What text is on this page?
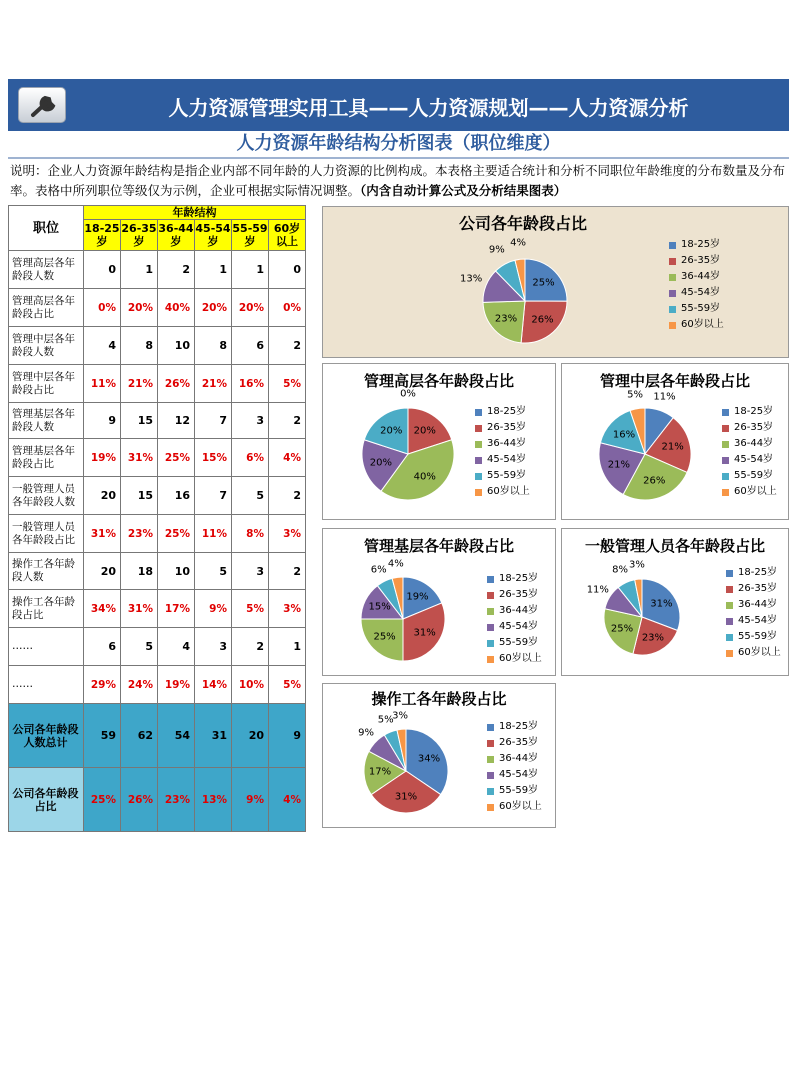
人力资源管理实用工具——人力资源规划——人力资源分析
人力资源年龄结构分析图表（职位维度）
说明：企业人力资源年龄结构是指企业内部不同年龄的人力资源的比例构成。本表格主要适合统计和分析不同职位年龄维度的分布数量及分布率。表格中所列职位等级仅为示例，企业可根据实际情况调整。（内含自动计算公式及分析结果图表）
职位	年龄结构					
	18-25岁	26-35岁	36-44岁	45-54岁	55-59岁	60岁以上
管理高层各年龄段人数	0	1	2	1	1	0
管理高层各年龄段占比	0%	20%	40%	20%	20%	0%
管理中层各年龄段人数	4	8	10	8	6	2
管理中层各年龄段占比	11%	21%	26%	21%	16%	5%
管理基层各年龄段人数	9	15	12	7	3	2
管理基层各年龄段占比	19%	31%	25%	15%	6%	4%
一般管理人员各年龄段人数	20	15	16	7	5	2
一般管理人员各年龄段占比	31%	23%	25%	11%	8%	3%
操作工各年龄段人数	20	18	10	5	3	2
操作工各年龄段占比	34%	31%	17%	9%	5%	3%
……	6	5	4	3	2	1
……	29%	24%	19%	14%	10%	5%
公司各年龄段人数总计	59	62	54	31	20	9
公司各年龄段占比	25%	26%	23%	13%	9%	4%
公司各年龄段占比
25%
26%
23%
13%
9%
4%	18-25岁
26-35岁
36-44岁
45-54岁
55-59岁
60岁以上
管理高层各年龄段占比
0%
20%
40%
20%
20%
18-25岁
26-35岁
36-44岁
45-54岁
55-59岁
60岁以上
管理中层各年龄段占比
11%
21%
26%
21%
16%
5%
18-25岁
26-35岁
36-44岁
45-54岁
55-59岁
60岁以上
管理基层各年龄段占比
19%
31%
25%
15%
6% 4%
18-25岁
26-35岁
36-44岁
45-54岁
55-59岁
60岁以上
一般管理人员各年龄段占比
31%
23%
25%
11%
8% 3%
18-25岁
26-35岁
36-44岁
45-54岁
55-59岁
60岁以上
操作工各年龄段占比
34%
31%
17%
9%
5%
3%
18-25岁
26-35岁
36-44岁
45-54岁
55-59岁
60岁以上
